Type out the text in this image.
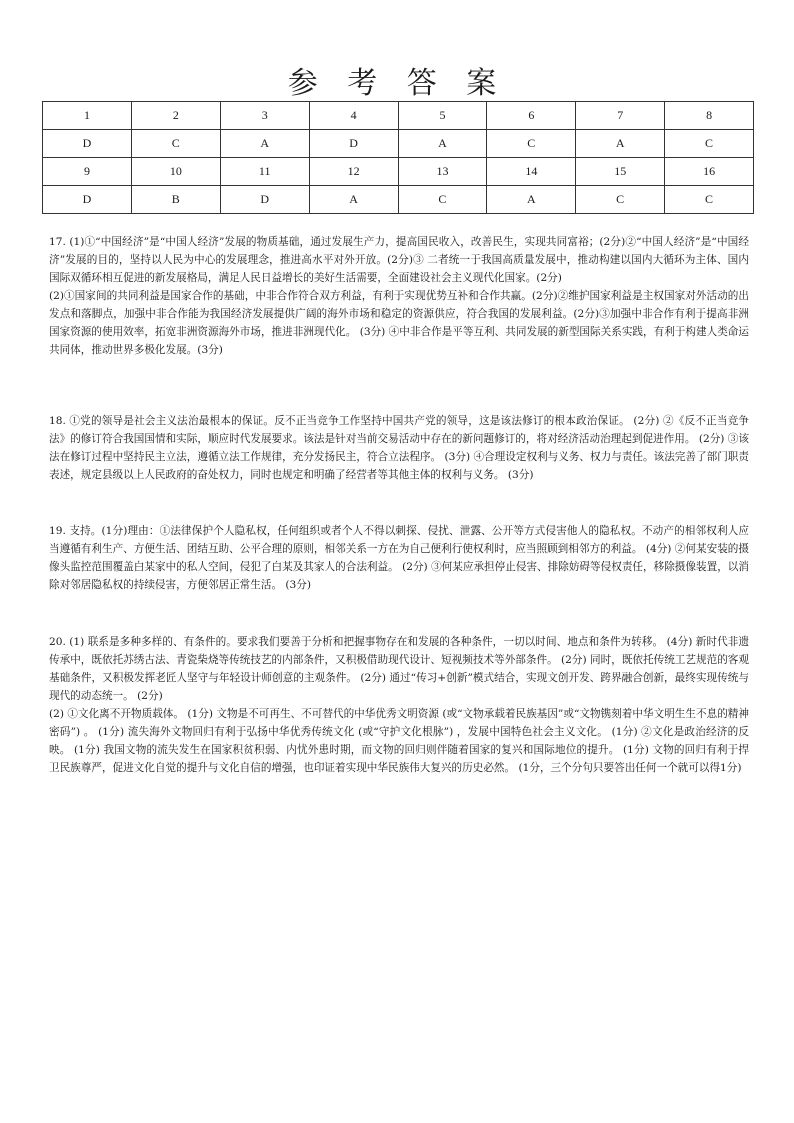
参 考 答 案
1	2	3	4	5	6	7	8
D	C	A	D	A	C	A	C
9	10	11	12	13	14	15	16
D	B	D	A	C	A	C	C

17. (1)①“中国经济”是“中国人经济”发展的物质基础，通过发展生产力，提高国民收入，改善民生，实现共同富裕；(2分)②“中国人经济”是“中国经济”发展的目的，坚持以人民为中心的发展理念，推进高水平对外开放。(2分)③ 二者统一于我国高质量发展中，推动构建以国内大循环为主体、国内国际双循环相互促进的新发展格局，满足人民日益增长的美好生活需要，全面建设社会主义现代化国家。(2分)

(2)①国家间的共同利益是国家合作的基础，中非合作符合双方利益，有利于实现优势互补和合作共赢。(2分)②维护国家利益是主权国家对外活动的出发点和落脚点，加强中非合作能为我国经济发展提供广阔的海外市场和稳定的资源供应，符合我国的发展利益。(2分)③加强中非合作有利于提高非洲国家资源的使用效率，拓宽非洲资源海外市场，推进非洲现代化。 (3分) ④中非合作是平等互利、共同发展的新型国际关系实践，有利于构建人类命运共同体，推动世界多极化发展。(3分)

18. ①党的领导是社会主义法治最根本的保证。反不正当竞争工作坚持中国共产党的领导，这是该法修订的根本政治保证。 (2分) ②《反不正当竞争法》的修订符合我国国情和实际，顺应时代发展要求。该法是针对当前交易活动中存在的新问题修订的，将对经济活动治理起到促进作用。 (2分) ③该法在修订过程中坚持民主立法，遵循立法工作规律，充分发扬民主，符合立法程序。 (3分) ④合理设定权利与义务、权力与责任。该法完善了部门职责表述，规定县级以上人民政府的奋处权力，同时也规定和明确了经营者等其他主体的权利与义务。 (3分)

19. 支持。(1分)理由：①法律保护个人隐私权，任何组织或者个人不得以刺探、侵扰、泄露、公开等方式侵害他人的隐私权。不动产的相邻权利人应当遵循有利生产、方便生活、团结互助、公平合理的原则，相邻关系一方在为自己便利行使权利时，应当照顾到相邻方的利益。 (4分) ②何某安装的摄像头监控范围覆盖白某家中的私人空间，侵犯了白某及其家人的合法利益。 (2分) ③何某应承担停止侵害、排除妨碍等侵权责任，移除摄像装置，以消除对邻居隐私权的持续侵害，方便邻居正常生活。 (3分)

20. (1) 联系是多种多样的、有条件的。要求我们要善于分析和把握事物存在和发展的各种条件，一切以时间、地点和条件为转移。 (4分) 新时代非遗传承中，既依托苏绣古法、青瓷柴烧等传统技艺的内部条件，又积极借助现代设计、短视频技术等外部条件。 (2分) 同时，既依托传统工艺规范的客观基础条件，又积极发挥老匠人坚守与年轻设计师创意的主观条件。 (2分) 通过“传习+创新”模式结合，实现文创开发、跨界融合创新，最终实现传统与现代的动态统一。 (2分)

(2) ①文化离不开物质载体。 (1分) 文物是不可再生、不可替代的中华优秀文明资源 (或“文物承载着民族基因”或“文物镌刻着中华文明生生不息的精神密码”) 。 (1分) 流失海外文物回归有利于弘扬中华优秀传统文化 (或“守护文化根脉”) ，发展中国特色社会主义文化。 (1分) ②文化是政治经济的反映。 (1分) 我国文物的流失发生在国家积贫积弱、内忧外患时期，而文物的回归则伴随着国家的复兴和国际地位的提升。 (1分) 文物的回归有利于捍卫民族尊严，促进文化自觉的提升与文化自信的增强，也印证着实现中华民族伟大复兴的历史必然。 (1分，三个分句只要答出任何一个就可以得1分)
